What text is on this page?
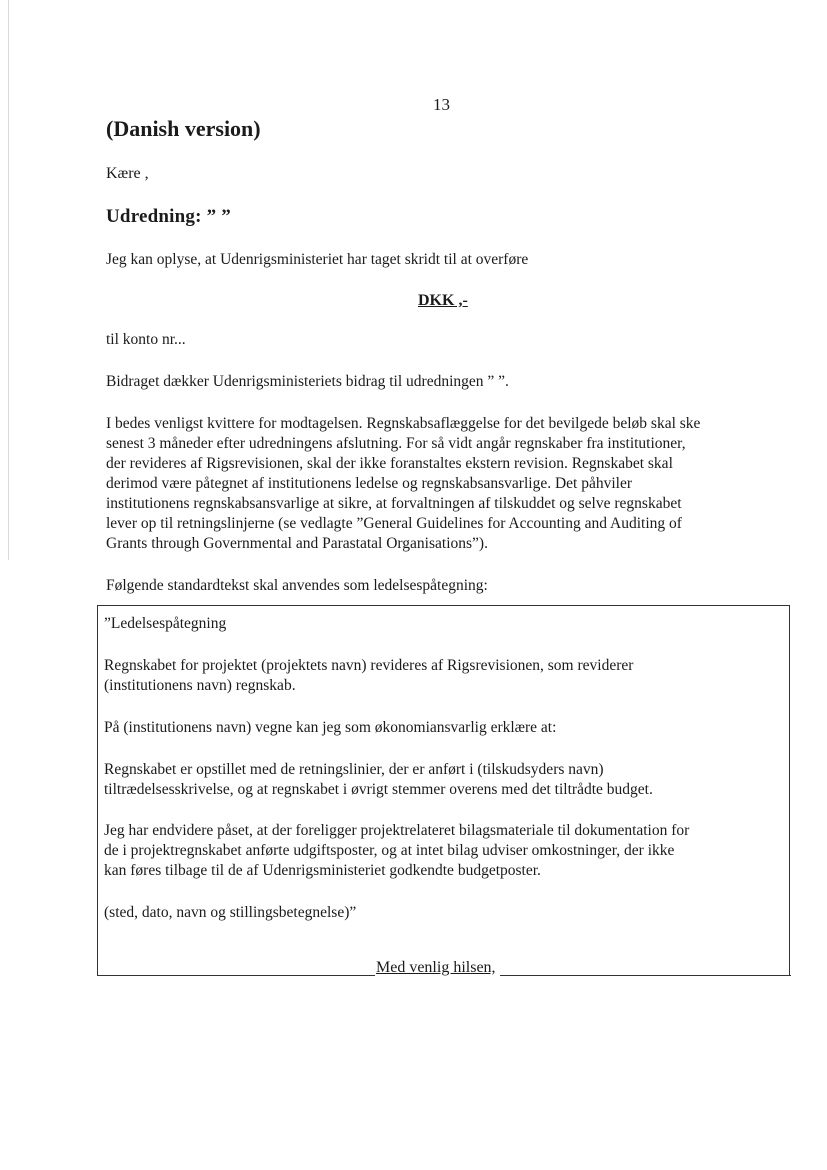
13
(Danish version)
Kære ,
Udredning: ” ”

Jeg kan oplyse, at Udenrigsministeriet har taget skridt til at overføre

DKK ,-

til konto nr...

Bidraget dækker Udenrigsministeriets bidrag til udredningen ” ”.

I bedes venligst kvittere for modtagelsen. Regnskabsaflæggelse for det bevilgede beløb skal ske

senest 3 måneder efter udredningens afslutning. For så vidt angår regnskaber fra institutioner,

der revideres af Rigsrevisionen, skal der ikke foranstaltes ekstern revision. Regnskabet skal

derimod være påtegnet af institutionens ledelse og regnskabsansvarlige. Det påhviler

institutionens regnskabsansvarlige at sikre, at forvaltningen af tilskuddet og selve regnskabet

lever op til retningslinjerne (se vedlagte ”General Guidelines for Accounting and Auditing of

Grants through Governmental and Parastatal Organisations”).

Følgende standardtekst skal anvendes som ledelsespåtegning:

”Ledelsespåtegning

Regnskabet for projektet (projektets navn) revideres af Rigsrevisionen, som reviderer

(institutionens navn) regnskab.

På (institutionens navn) vegne kan jeg som økonomiansvarlig erklære at:

Regnskabet er opstillet med de retningslinier, der er anført i (tilskudsyders navn)

tiltrædelsesskrivelse, og at regnskabet i øvrigt stemmer overens med det tiltrådte budget.

Jeg har endvidere påset, at der foreligger projektrelateret bilagsmateriale til dokumentation for

de i projektregnskabet anførte udgiftsposter, og at intet bilag udviser omkostninger, der ikke

kan føres tilbage til de af Udenrigsministeriet godkendte budgetposter.

(sted, dato, navn og stillingsbetegnelse)”

Med venlig hilsen,
